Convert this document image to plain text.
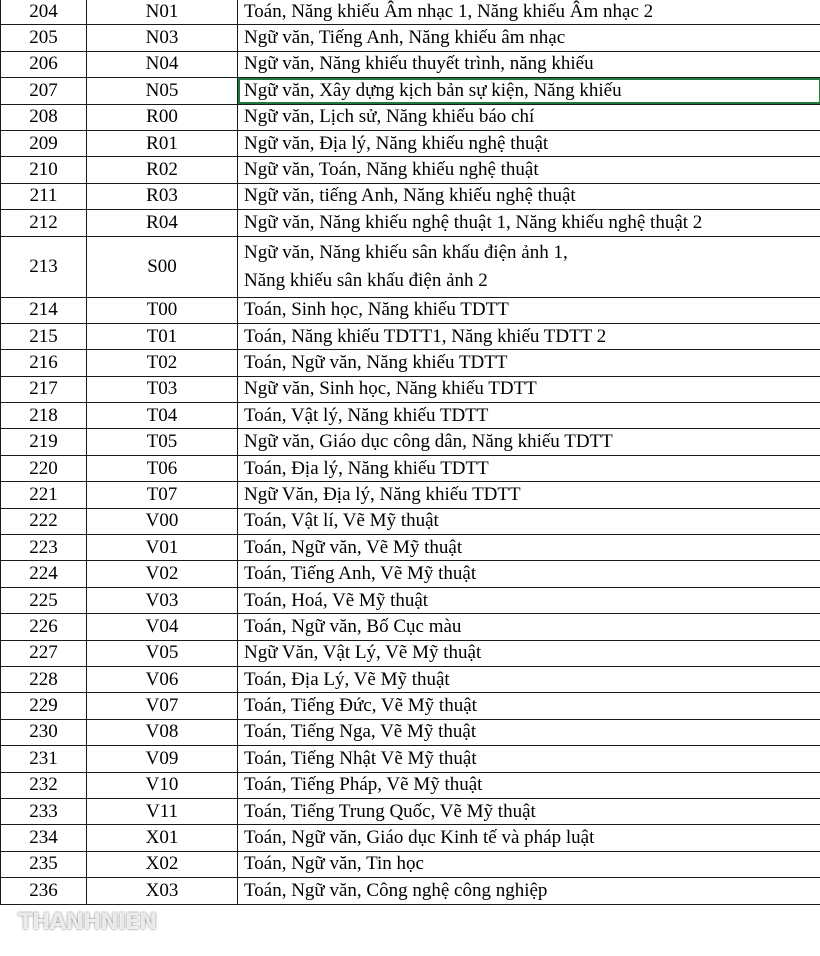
204	N01	Toán, Năng khiếu Âm nhạc 1, Năng khiếu Âm nhạc 2
205	N03	Ngữ văn, Tiếng Anh, Năng khiếu âm nhạc
206	N04	Ngữ văn, Năng khiếu thuyết trình, năng khiếu
207	N05	Ngữ văn, Xây dựng kịch bản sự kiện, Năng khiếu
208	R00	Ngữ văn, Lịch sử, Năng khiếu báo chí
209	R01	Ngữ văn, Địa lý, Năng khiếu nghệ thuật
210	R02	Ngữ văn, Toán, Năng khiếu nghệ thuật
211	R03	Ngữ văn, tiếng Anh, Năng khiếu nghệ thuật
212	R04	Ngữ văn, Năng khiếu nghệ thuật 1, Năng khiếu nghệ thuật 2
213	S00	Ngữ văn, Năng khiếu sân khấu điện ảnh 1,
Năng khiếu sân khấu điện ảnh 2

214	T00	Toán, Sinh học, Năng khiếu TDTT
215	T01	Toán, Năng khiếu TDTT1, Năng khiếu TDTT 2
216	T02	Toán, Ngữ văn, Năng khiếu TDTT
217	T03	Ngữ văn, Sinh học, Năng khiếu TDTT
218	T04	Toán, Vật lý, Năng khiếu TDTT
219	T05	Ngữ văn, Giáo dục công dân, Năng khiếu TDTT
220	T06	Toán, Địa lý, Năng khiếu TDTT
221	T07	Ngữ Văn, Địa lý, Năng khiếu TDTT
222	V00	Toán, Vật lí, Vẽ Mỹ thuật
223	V01	Toán, Ngữ văn, Vẽ Mỹ thuật
224	V02	Toán, Tiếng Anh, Vẽ Mỹ thuật
225	V03	Toán, Hoá, Vẽ Mỹ thuật
226	V04	Toán, Ngữ văn, Bố Cục màu
227	V05	Ngữ Văn, Vật Lý, Vẽ Mỹ thuật
228	V06	Toán, Địa Lý, Vẽ Mỹ thuật
229	V07	Toán, Tiếng Đức, Vẽ Mỹ thuật
230	V08	Toán, Tiếng Nga, Vẽ Mỹ thuật
231	V09	Toán, Tiếng Nhật Vẽ Mỹ thuật
232	V10	Toán, Tiếng Pháp, Vẽ Mỹ thuật
233	V11	Toán, Tiếng Trung Quốc, Vẽ Mỹ thuật
234	X01	Toán, Ngữ văn, Giáo dục Kinh tế và pháp luật
235	X02	Toán, Ngữ văn, Tin học
236	X03	Toán, Ngữ văn, Công nghệ công nghiệp
THANHNIEN
